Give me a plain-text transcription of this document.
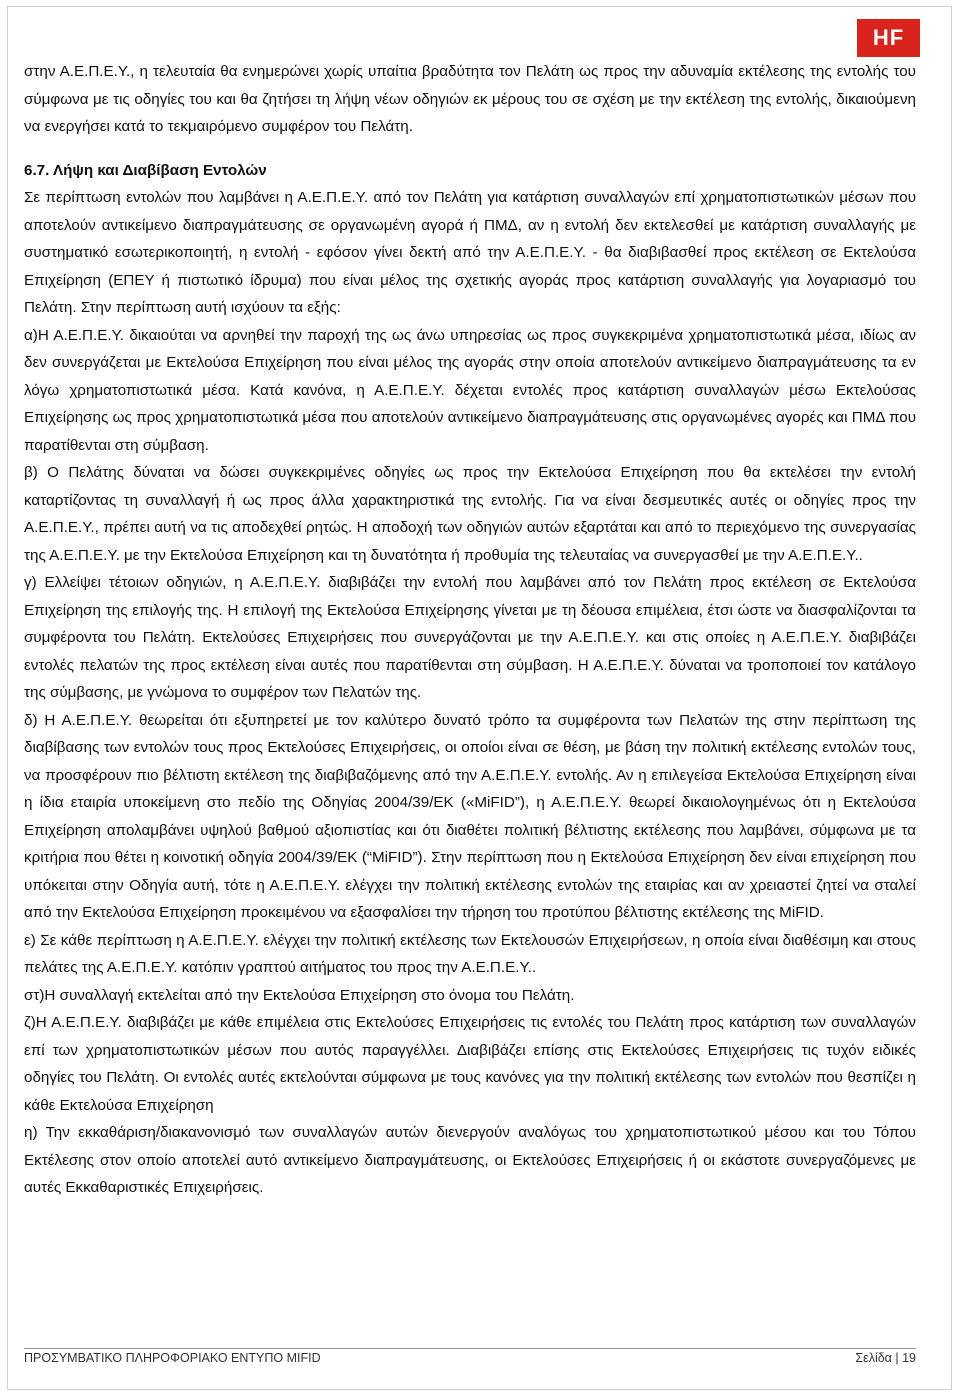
HF

στην Α.Ε.Π.Ε.Υ., η τελευταία θα ενημερώνει χωρίς υπαίτια βραδύτητα τον Πελάτη ως προς την αδυναμία εκτέλεσης της εντολής του σύμφωνα με τις οδηγίες του και θα ζητήσει τη λήψη νέων οδηγιών εκ μέρους του σε σχέση με την εκτέλεση της εντολής, δικαιούμενη να ενεργήσει κατά το τεκμαιρόμενο συμφέρον του Πελάτη.

6.7. Λήψη και Διαβίβαση Εντολών

Σε περίπτωση εντολών που λαμβάνει η Α.Ε.Π.Ε.Υ. από τον Πελάτη για κατάρτιση συναλλαγών επί χρηματοπιστωτικών μέσων που αποτελούν αντικείμενο διαπραγμάτευσης σε οργανωμένη αγορά ή ΠΜΔ, αν η εντολή δεν εκτελεσθεί με κατάρτιση συναλλαγής με συστηματικό εσωτερικοποιητή, η εντολή - εφόσον γίνει δεκτή από την Α.Ε.Π.Ε.Υ. - θα διαβιβασθεί προς εκτέλεση σε Εκτελούσα Επιχείρηση (ΕΠΕΥ ή πιστωτικό ίδρυμα) που είναι μέλος της σχετικής αγοράς προς κατάρτιση συναλλαγής για λογαριασμό του Πελάτη. Στην περίπτωση αυτή ισχύουν τα εξής:

α)Η Α.Ε.Π.Ε.Υ. δικαιούται να αρνηθεί την παροχή της ως άνω υπηρεσίας ως προς συγκεκριμένα χρηματοπιστωτικά μέσα, ιδίως αν δεν συνεργάζεται με Εκτελούσα Επιχείρηση που είναι μέλος της αγοράς στην οποία αποτελούν αντικείμενο διαπραγμάτευσης τα εν λόγω χρηματοπιστωτικά μέσα. Κατά κανόνα, η Α.Ε.Π.Ε.Υ. δέχεται εντολές προς κατάρτιση συναλλαγών μέσω Εκτελούσας Επιχείρησης ως προς χρηματοπιστωτικά μέσα που αποτελούν αντικείμενο διαπραγμάτευσης στις οργανωμένες αγορές και ΠΜΔ που παρατίθενται στη σύμβαση.

β) Ο Πελάτης δύναται να δώσει συγκεκριμένες οδηγίες ως προς την Εκτελούσα Επιχείρηση που θα εκτελέσει την εντολή καταρτίζοντας τη συναλλαγή ή ως προς άλλα χαρακτηριστικά της εντολής. Για να είναι δεσμευτικές αυτές οι οδηγίες προς την Α.Ε.Π.Ε.Υ., πρέπει αυτή να τις αποδεχθεί ρητώς. Η αποδοχή των οδηγιών αυτών εξαρτάται και από το περιεχόμενο της συνεργασίας της Α.Ε.Π.Ε.Υ. με την Εκτελούσα Επιχείρηση και τη δυνατότητα ή προθυμία της τελευταίας να συνεργασθεί με την Α.Ε.Π.Ε.Υ..

γ) Ελλείψει τέτοιων οδηγιών, η Α.Ε.Π.Ε.Υ. διαβιβάζει την εντολή που λαμβάνει από τον Πελάτη προς εκτέλεση σε Εκτελούσα Επιχείρηση της επιλογής της. Η επιλογή της Εκτελούσα Επιχείρησης γίνεται με τη δέουσα επιμέλεια, έτσι ώστε να διασφαλίζονται τα συμφέροντα του Πελάτη. Εκτελούσες Επιχειρήσεις που συνεργάζονται με την Α.Ε.Π.Ε.Υ. και στις οποίες η Α.Ε.Π.Ε.Υ. διαβιβάζει εντολές πελατών της προς εκτέλεση είναι αυτές που παρατίθενται στη σύμβαση. Η Α.Ε.Π.Ε.Υ. δύναται να τροποποιεί τον κατάλογο της σύμβασης, με γνώμονα το συμφέρον των Πελατών της.

δ) Η Α.Ε.Π.Ε.Υ. θεωρείται ότι εξυπηρετεί με τον καλύτερο δυνατό τρόπο τα συμφέροντα των Πελατών της στην περίπτωση της διαβίβασης των εντολών τους προς Εκτελούσες Επιχειρήσεις, οι οποίοι είναι σε θέση, με βάση την πολιτική εκτέλεσης εντολών τους, να προσφέρουν πιο βέλτιστη εκτέλεση της διαβιβαζόμενης από την Α.Ε.Π.Ε.Υ. εντολής. Αν η επιλεγείσα Εκτελούσα Επιχείρηση είναι η ίδια εταιρία υποκείμενη στο πεδίο της Οδηγίας 2004/39/ΕΚ («MiFID”), η Α.Ε.Π.Ε.Υ. θεωρεί δικαιολογημένως ότι η Εκτελούσα Επιχείρηση απολαμβάνει υψηλού βαθμού αξιοπιστίας και ότι διαθέτει πολιτική βέλτιστης εκτέλεσης που λαμβάνει, σύμφωνα με τα κριτήρια που θέτει η κοινοτική οδηγία 2004/39/ΕΚ (“MiFID”). Στην περίπτωση που η Εκτελούσα Επιχείρηση δεν είναι επιχείρηση που υπόκειται στην Οδηγία αυτή, τότε η Α.Ε.Π.Ε.Υ. ελέγχει την πολιτική εκτέλεσης εντολών της εταιρίας και αν χρειαστεί ζητεί να σταλεί από την Εκτελούσα Επιχείρηση προκειμένου να εξασφαλίσει την τήρηση του προτύπου βέλτιστης εκτέλεσης της MiFID.

ε) Σε κάθε περίπτωση η Α.Ε.Π.Ε.Υ. ελέγχει την πολιτική εκτέλεσης των Εκτελουσών Επιχειρήσεων, η οποία είναι διαθέσιμη και στους πελάτες της Α.Ε.Π.Ε.Υ. κατόπιν γραπτού αιτήματος του προς την Α.Ε.Π.Ε.Υ..

στ)Η συναλλαγή εκτελείται από την Εκτελούσα Επιχείρηση στο όνομα του Πελάτη.

ζ)Η Α.Ε.Π.Ε.Υ. διαβιβάζει με κάθε επιμέλεια στις Εκτελούσες Επιχειρήσεις τις εντολές του Πελάτη προς κατάρτιση των συναλλαγών επί των χρηματοπιστωτικών μέσων που αυτός παραγγέλλει. Διαβιβάζει επίσης στις Εκτελούσες Επιχειρήσεις τις τυχόν ειδικές οδηγίες του Πελάτη. Οι εντολές αυτές εκτελούνται σύμφωνα με τους κανόνες για την πολιτική εκτέλεσης των εντολών που θεσπίζει η κάθε Εκτελούσα Επιχείρηση

η) Την εκκαθάριση/διακανονισμό των συναλλαγών αυτών διενεργούν αναλόγως του χρηματοπιστωτικού μέσου και του Τόπου Εκτέλεσης στον οποίο αποτελεί αυτό αντικείμενο διαπραγμάτευσης, οι Εκτελούσες Επιχειρήσεις ή οι εκάστοτε συνεργαζόμενες με αυτές Εκκαθαριστικές Επιχειρήσεις.

ΠΡΟΣΥΜΒΑΤΙΚΟ ΠΛΗΡΟΦΟΡΙΑΚΟ ΕΝΤΥΠΟ MIFID	Σελίδα | 19
